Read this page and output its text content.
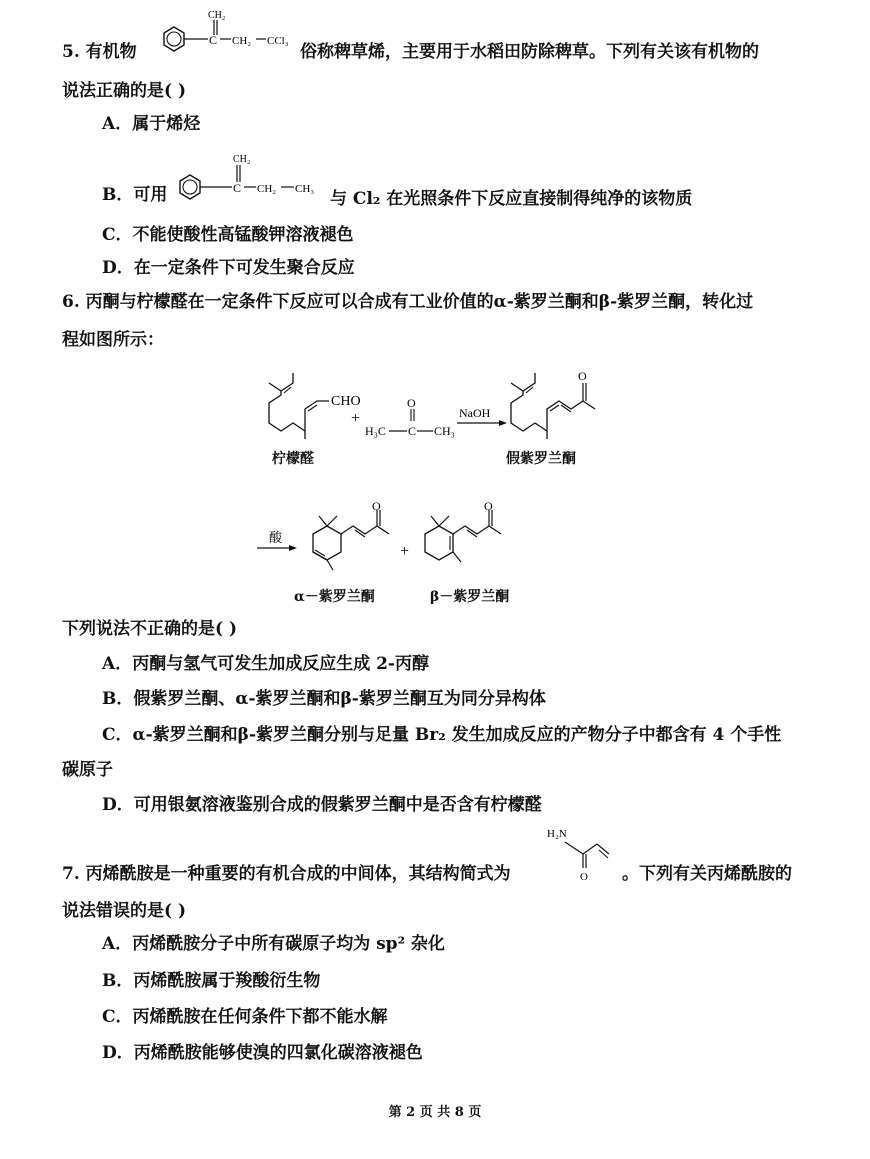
5. 有机物
CH₂
C CH₂ CCl₃
俗称稗草烯，主要用于水稻田防除稗草。下列有关该有机物的
说法正确的是( )
A．属于烯烃
B．可用
CH₂
C CH₂ CH₃ 与 Cl₂ 在光照条件下反应直接制得纯净的该物质
C．不能使酸性高锰酸钾溶液褪色
D．在一定条件下可发生聚合反应
6. 丙酮与柠檬醛在一定条件下反应可以合成有工业价值的α-紫罗兰酮和β-紫罗兰酮，转化过
程如图所示：
CHO
+
H₃C C CH₃
O
NaOH
O
柠檬醛	假紫罗兰酮
酸
O
+
O
α－紫罗兰酮	β－紫罗兰酮
下列说法不正确的是( )
A．丙酮与氢气可发生加成反应生成 2-丙醇
B．假紫罗兰酮、α-紫罗兰酮和β-紫罗兰酮互为同分异构体
C．α-紫罗兰酮和β-紫罗兰酮分别与足量 Br₂ 发生加成反应的产物分子中都含有 4 个手性
碳原子
D．可用银氨溶液鉴别合成的假紫罗兰酮中是否含有柠檬醛
7. 丙烯酰胺是一种重要的有机合成的中间体，其结构简式为
H₂N
O 。下列有关丙烯酰胺的
说法错误的是( )
A．丙烯酰胺分子中所有碳原子均为 sp² 杂化
B．丙烯酰胺属于羧酸衍生物
C．丙烯酰胺在任何条件下都不能水解
D．丙烯酰胺能够使溴的四氯化碳溶液褪色
第 2 页 共 8 页
